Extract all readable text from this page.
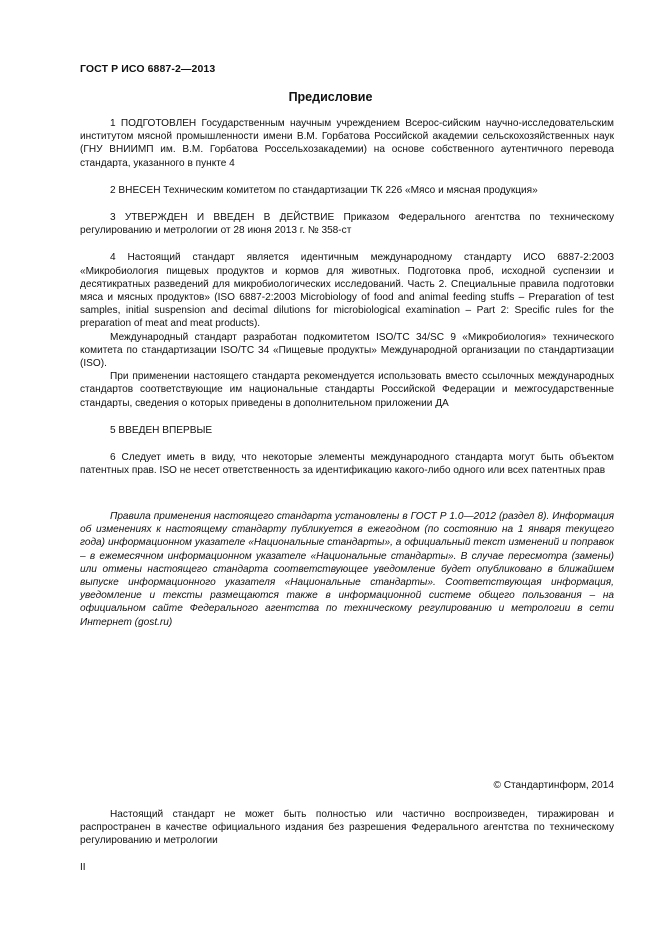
ГОСТ Р ИСО 6887-2—2013
Предисловие

1 ПОДГОТОВЛЕН Государственным научным учреждением Всерос-сийским научно-исследовательским институтом мясной промышленности имени В.М. Горбатова Российской академии сельскохозяйственных наук (ГНУ ВНИИМП им. В.М. Горбатова Россельхозакадемии) на основе собственного аутентичного перевода стандарта, указанного в пункте 4

2 ВНЕСЕН Техническим комитетом по стандартизации ТК 226 «Мясо и мясная продукция»

3 УТВЕРЖДЕН И ВВЕДЕН В ДЕЙСТВИЕ Приказом Федерального агентства по техническому регулированию и метрологии от 28 июня 2013 г. № 358-ст

4 Настоящий стандарт является идентичным международному стандарту ИСО 6887-2:2003 «Микробиология пищевых продуктов и кормов для животных. Подготовка проб, исходной суспензии и десятикратных разведений для микробиологических исследований. Часть 2. Специальные правила подготовки мяса и мясных продуктов» (ISO 6887-2:2003 Microbiology of food and animal feeding stuffs – Preparation of test samples, initial suspension and decimal dilutions for microbiological examination – Part 2: Specific rules for the preparation of meat and meat products).

Международный стандарт разработан подкомитетом ISO/TC 34/SC 9 «Микробиология» технического комитета по стандартизации ISO/TC 34 «Пищевые продукты» Международной организации по стандартизации (ISO).

При применении настоящего стандарта рекомендуется использовать вместо ссылочных международных стандартов соответствующие им национальные стандарты Российской Федерации и межгосударственные стандарты, сведения о которых приведены в дополнительном приложении ДА

5 ВВЕДЕН ВПЕРВЫЕ

6 Следует иметь в виду, что некоторые элементы международного стандарта могут быть объектом патентных прав. ISO не несет ответственность за идентификацию какого-либо одного или всех патентных прав

Правила применения настоящего стандарта установлены в ГОСТ Р 1.0—2012 (раздел 8). Информация об изменениях к настоящему стандарту публикуется в ежегодном (по состоянию на 1 января текущего года) информационном указателе «Национальные стандарты», а официальный текст изменений и поправок – в ежемесячном информационном указателе «Национальные стандарты». В случае пересмотра (замены) или отмены настоящего стандарта соответствующее уведомление будет опубликовано в ближайшем выпуске информационного указателя «Национальные стандарты». Соответствующая информация, уведомление и тексты размещаются также в информационной системе общего пользования – на официальном сайте Федерального агентства по техническому регулированию и метрологии в сети Интернет (gost.ru)

© Стандартинформ, 2014

Настоящий стандарт не может быть полностью или частично воспроизведен, тиражирован и распространен в качестве официального издания без разрешения Федерального агентства по техническому регулированию и метрологии

II
